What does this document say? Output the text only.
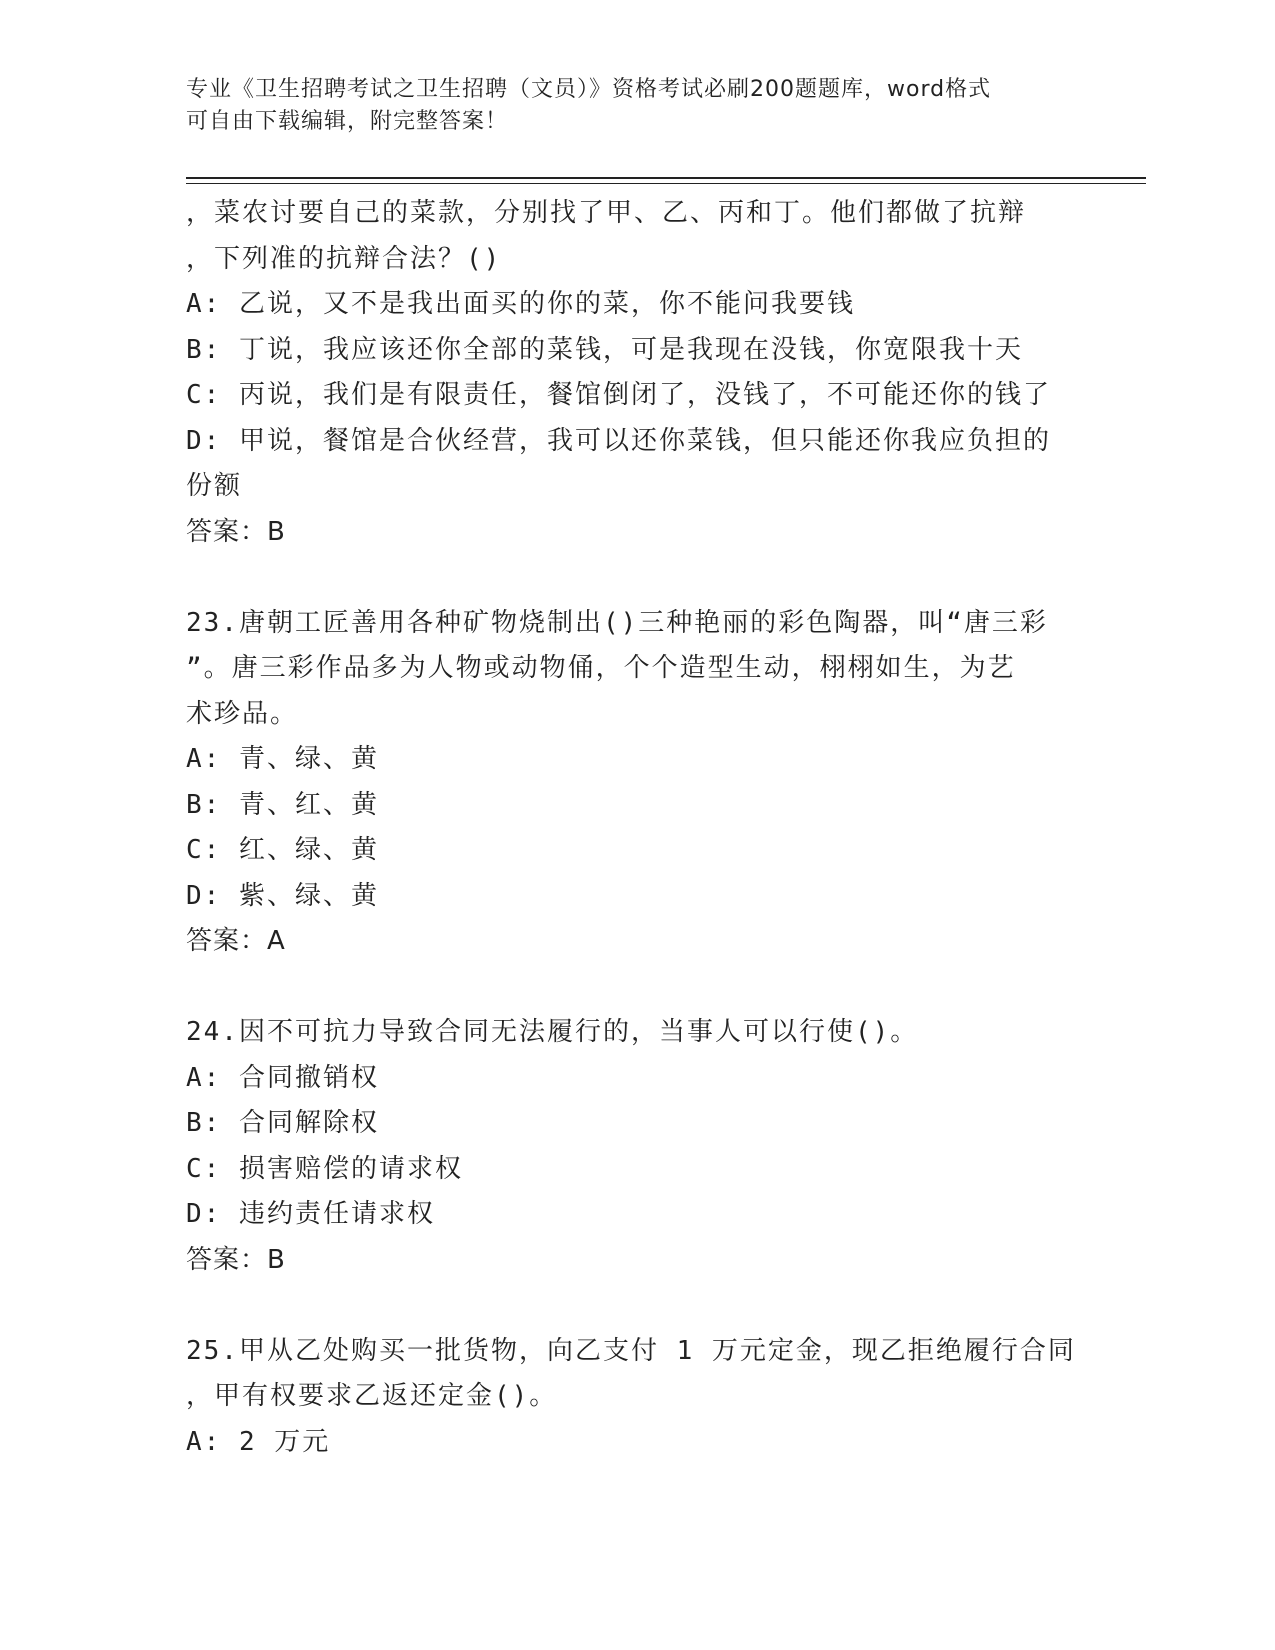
专业《卫生招聘考试之卫生招聘（文员）》资格考试必刷200题题库，word格式
可自由下载编辑，附完整答案！
，菜农讨要自己的菜款，分别找了甲、乙、丙和丁。他们都做了抗辩
，下列准的抗辩合法？()
A: 乙说，又不是我出面买的你的菜，你不能问我要钱
B: 丁说，我应该还你全部的菜钱，可是我现在没钱，你宽限我十天
C: 丙说，我们是有限责任，餐馆倒闭了，没钱了，不可能还你的钱了
D: 甲说，餐馆是合伙经营，我可以还你菜钱，但只能还你我应负担的
份额
答案：B
23.唐朝工匠善用各种矿物烧制出()三种艳丽的彩色陶器，叫“唐三彩
”。唐三彩作品多为人物或动物俑，个个造型生动，栩栩如生，为艺
术珍品。
A: 青、绿、黄
B: 青、红、黄
C: 红、绿、黄
D: 紫、绿、黄
答案：A
24.因不可抗力导致合同无法履行的，当事人可以行使()。
A: 合同撤销权
B: 合同解除权
C: 损害赔偿的请求权
D: 违约责任请求权
答案：B
25.甲从乙处购买一批货物，向乙支付 1 万元定金，现乙拒绝履行合同
，甲有权要求乙返还定金()。
A: 2 万元
